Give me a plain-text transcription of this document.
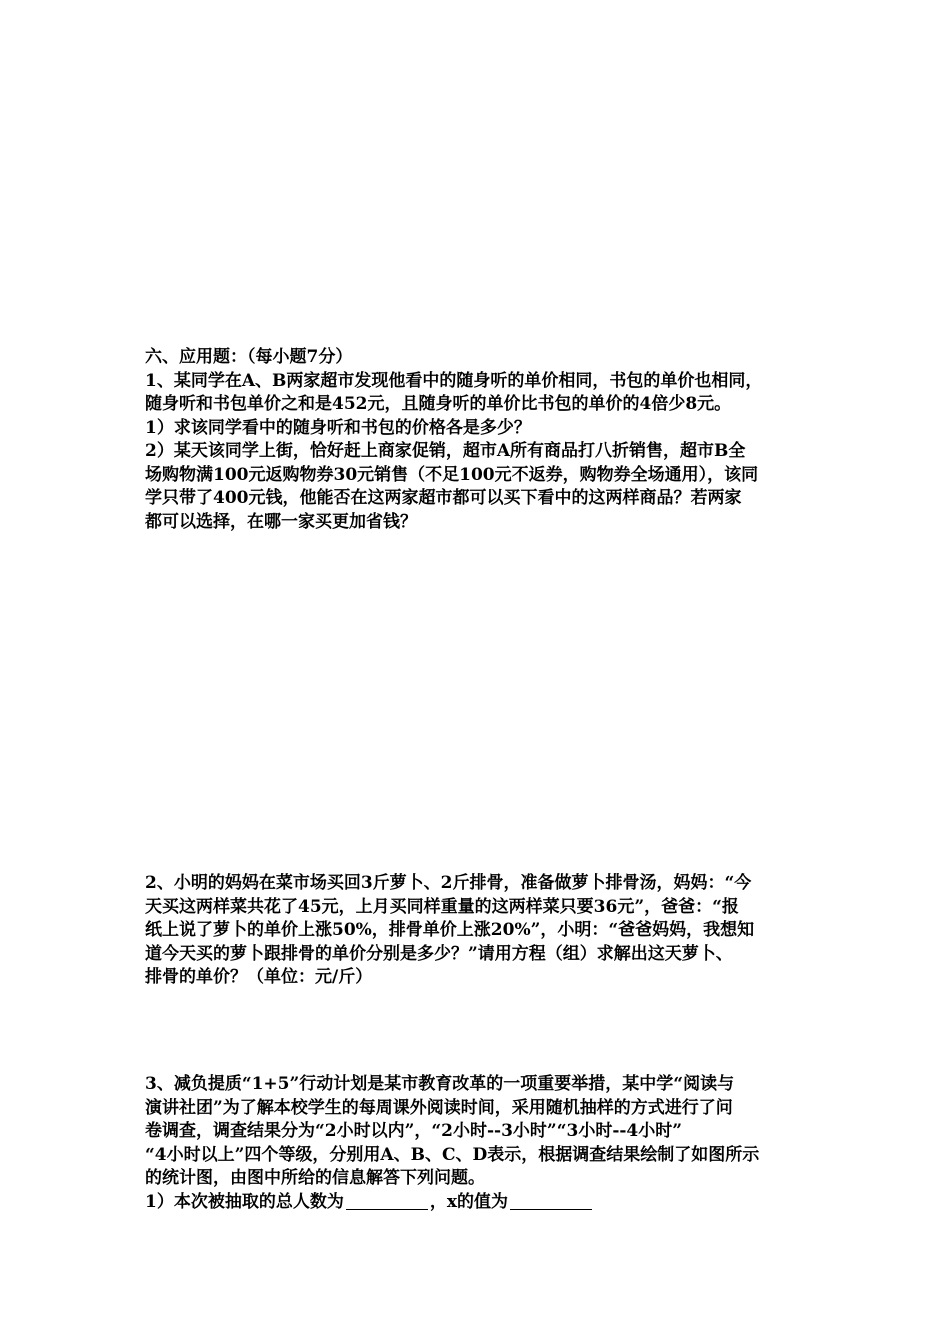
六、应用题：（每小题7分）
1、某同学在A、B两家超市发现他看中的随身听的单价相同，书包的单价也相同，
随身听和书包单价之和是452元，且随身听的单价比书包的单价的4倍少8元。
1）求该同学看中的随身听和书包的价格各是多少？
2）某天该同学上街，恰好赶上商家促销，超市A所有商品打八折销售，超市B全
场购物满100元返购物券30元销售（不足100元不返券，购物券全场通用），该同
学只带了400元钱，他能否在这两家超市都可以买下看中的这两样商品？若两家
都可以选择，在哪一家买更加省钱？
2、小明的妈妈在菜市场买回3斤萝卜、2斤排骨，准备做萝卜排骨汤，妈妈：“今
天买这两样菜共花了45元，上月买同样重量的这两样菜只要36元”，爸爸：“报
纸上说了萝卜的单价上涨50%，排骨单价上涨20%”，小明：“爸爸妈妈，我想知
道今天买的萝卜跟排骨的单价分别是多少？”请用方程（组）求解出这天萝卜、
排骨的单价？（单位：元/斤）
3、减负提质“1+5”行动计划是某市教育改革的一项重要举措，某中学“阅读与
演讲社团”为了解本校学生的每周课外阅读时间，采用随机抽样的方式进行了问
卷调查，调查结果分为“2小时以内”，“2小时--3小时”“3小时--4小时”
“4小时以上”四个等级，分别用A、B、C、D表示，根据调查结果绘制了如图所示
的统计图，由图中所给的信息解答下列问题。
1）本次被抽取的总人数为	，x的值为
